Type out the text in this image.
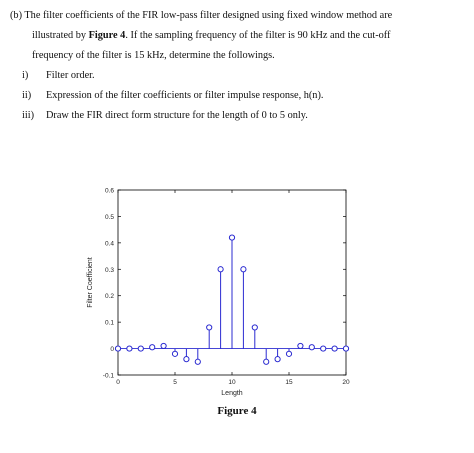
(b) The filter coefficients of the FIR low-pass filter designed using fixed window method are

illustrated by Figure 4. If the sampling frequency of the filter is 90 kHz and the cut-off

frequency of the filter is 15 kHz, determine the followings.

i)	Filter order.
ii)	Expression of the filter coefficients or filter impulse response, h(n).
iii)	Draw the FIR direct form structure for the length of 0 to 5 only.
-0.1
0
0.1
0.2
0.3
0.4
0.5
0.6
0	5	10	15	20
Length
Filter Coefficient
Figure 4
